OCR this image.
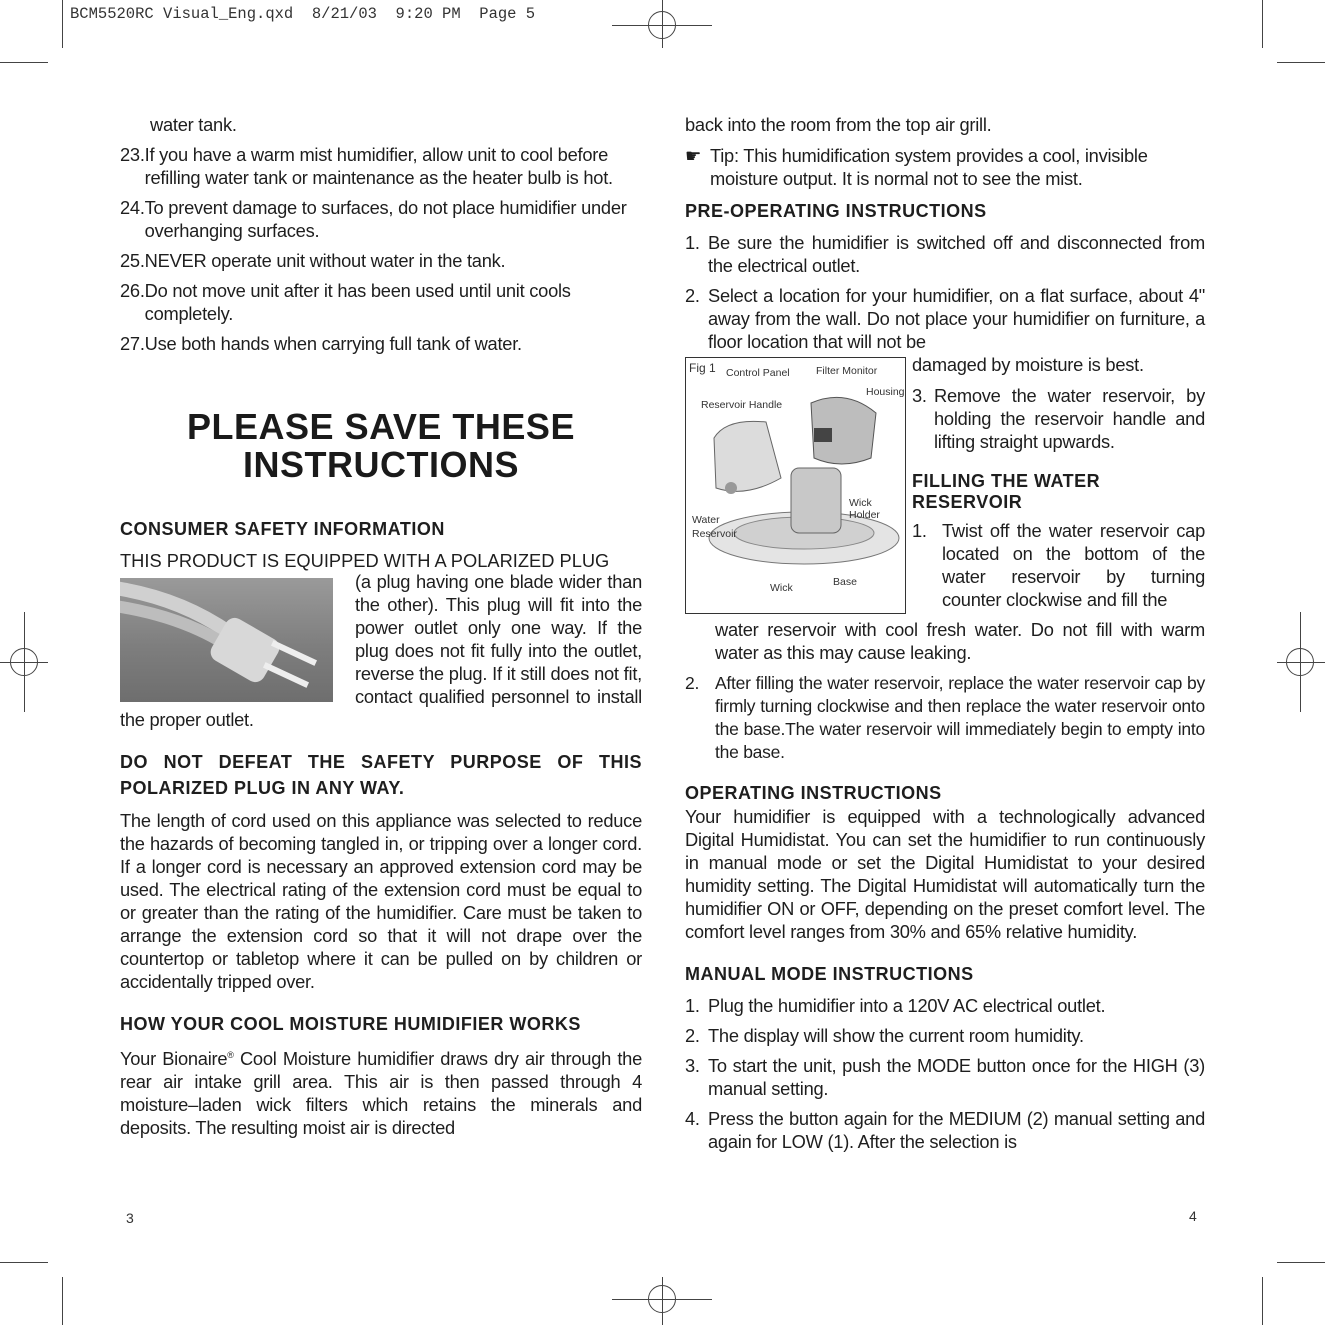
BCM5520RC Visual_Eng.qxd  8/21/03  9:20 PM  Page 5

water tank.

23. If you have a warm mist humidifier, allow unit to cool before refilling water tank or maintenance as the heater bulb is hot.
24. To prevent damage to surfaces, do not place humidifier under overhanging surfaces.
25. NEVER operate unit without water in the tank.
26. Do not move unit after it has been used until unit cools completely.
27. Use both hands when carrying full tank of water.
PLEASE SAVE THESE
INSTRUCTIONS

CONSUMER SAFETY INFORMATION

THIS PRODUCT IS EQUIPPED WITH A POLARIZED PLUG

(a plug having one blade wider than the other). This plug will fit into the power outlet only one way. If the plug does not fit fully into the outlet, reverse the plug. If it still does not fit, contact qualified personnel to install the proper outlet.

DO NOT DEFEAT THE SAFETY PURPOSE OF THIS POLARIZED PLUG IN ANY WAY.

The length of cord used on this appliance was selected to reduce the hazards of becoming tangled in, or tripping over a longer cord. If a longer cord is necessary an approved extension cord may be used. The electrical rating of the extension cord must be equal to or greater than the rating of the humidifier. Care must be taken to arrange the extension cord so that it will not drape over the countertop or tabletop where it can be pulled on by children or accidentally tripped over.

HOW YOUR COOL MOISTURE HUMIDIFIER WORKS

Your Bionaire® Cool Moisture humidifier draws dry air through the rear air intake grill area. This air is then passed through 4 moisture–laden wick filters which retains the minerals and deposits. The resulting moist air is directed

back into the room from the top air grill.

☛ Tip: This humidification system provides a cool, invisible moisture output. It is normal not to see the mist.

PRE-OPERATING INSTRUCTIONS

1. Be sure the humidifier is switched off and disconnected from the electrical outlet.
2. Select a location for your humidifier, on a flat surface, about 4" away from the wall. Do not place your humidifier on furniture, a floor location that will not be
Fig 1 Control Panel	Filter Monitor
Housing
Reservoir Handle
Wick Holder
Water
Reservoir
Wick	Base

damaged by moisture is best.

3. Remove the water reservoir, by holding the reservoir handle and lifting straight upwards.

FILLING THE WATER RESERVOIR

1. Twist off the water reservoir cap located on the bottom of the water reservoir by turning counter clockwise and fill the

water reservoir with cool fresh water. Do not fill with warm water as this may cause leaking.

2. After filling the water reservoir, replace the water reservoir cap by firmly turning clockwise and then replace the water reservoir onto the base.The water reservoir will immediately begin to empty into the base.

OPERATING INSTRUCTIONS

Your humidifier is equipped with a technologically advanced Digital Humidistat. You can set the humidifier to run continuously in manual mode or set the Digital Humidistat to your desired humidity setting. The Digital Humidistat will automatically turn the humidifier ON or OFF, depending on the preset comfort level. The comfort level ranges from 30% and 65% relative humidity.

MANUAL MODE INSTRUCTIONS

1. Plug the humidifier into a 120V AC electrical outlet.
2. The display will show the current room humidity.
3. To start the unit, push the MODE button once for the HIGH (3) manual setting.
4. Press the button again for the MEDIUM (2) manual setting and again for LOW (1). After the selection is
3	4
